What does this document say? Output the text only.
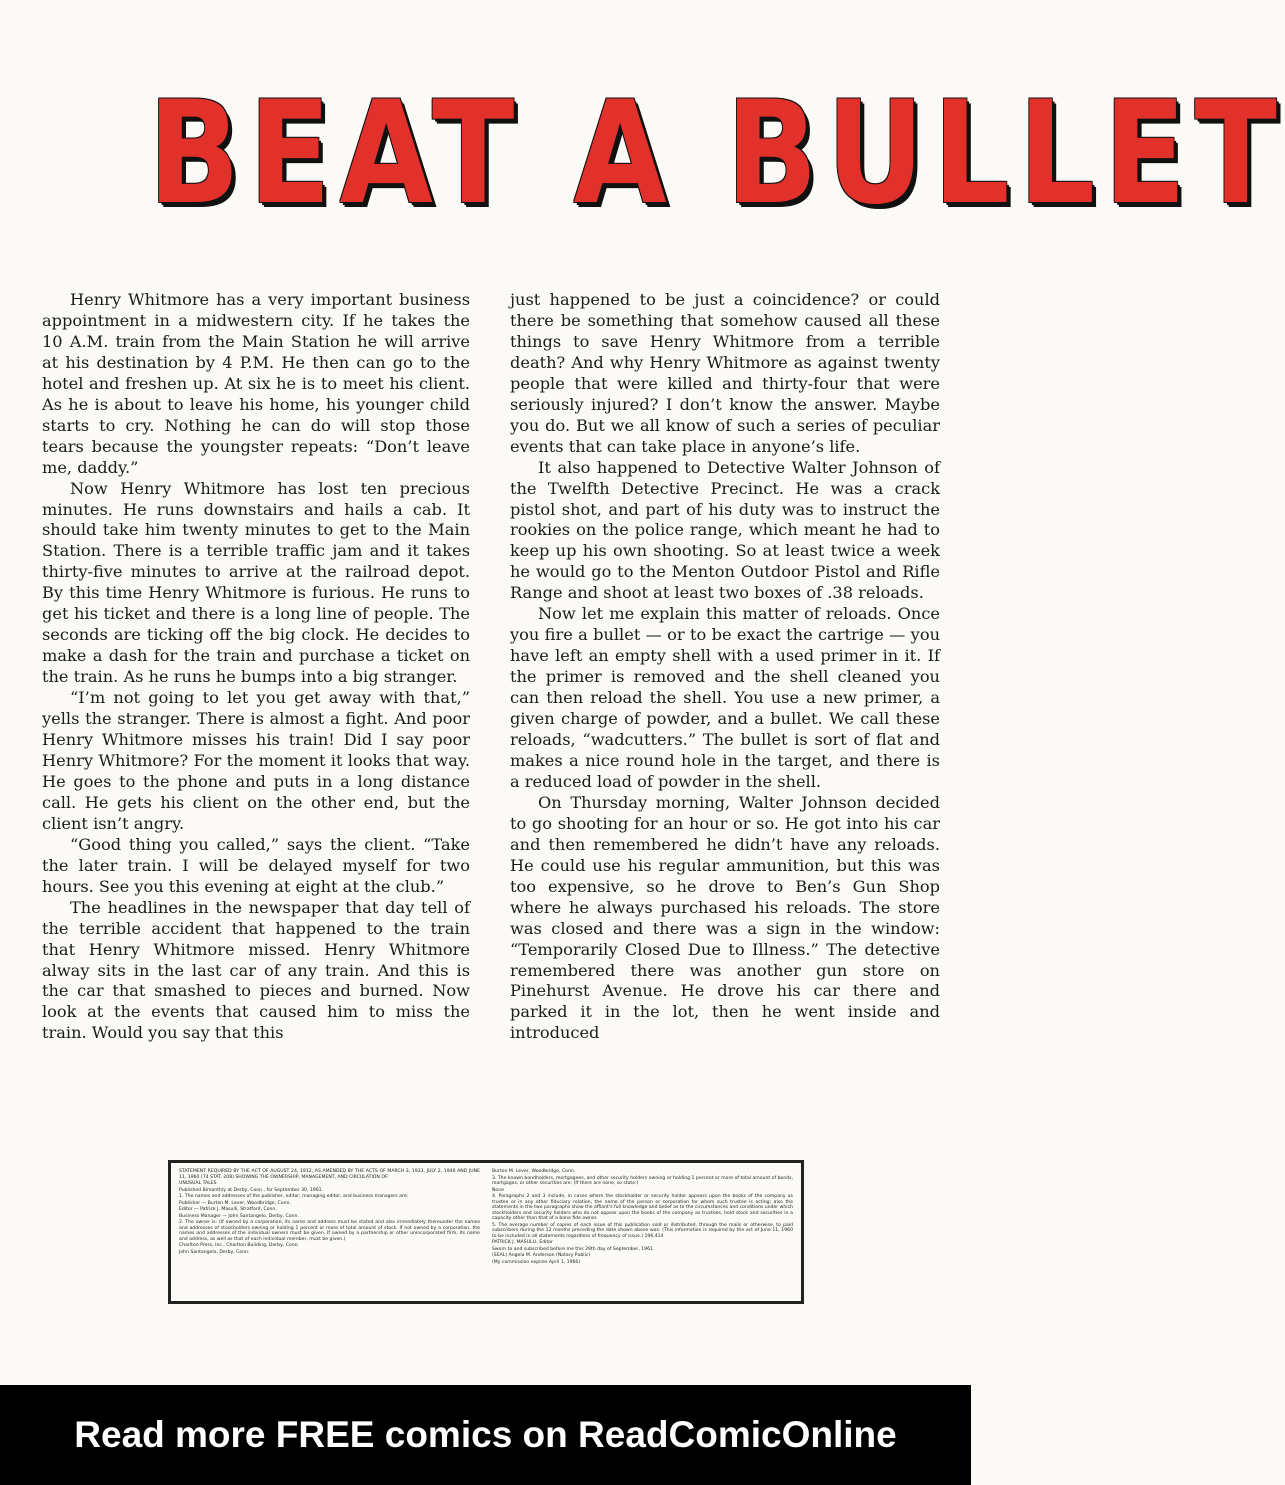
BEAT A BULLET

Henry Whitmore has a very important business appointment in a midwestern city. If he takes the 10 A.M. train from the Main Station he will arrive at his destination by 4 P.M. He then can go to the hotel and freshen up. At six he is to meet his client. As he is about to leave his home, his younger child starts to cry. Nothing he can do will stop those tears because the youngster repeats: “Don’t leave me, daddy.”

Now Henry Whitmore has lost ten precious minutes. He runs downstairs and hails a cab. It should take him twenty minutes to get to the Main Station. There is a terrible traffic jam and it takes thirty-five minutes to arrive at the railroad depot. By this time Henry Whitmore is furious. He runs to get his ticket and there is a long line of people. The seconds are ticking off the big clock. He decides to make a dash for the train and purchase a ticket on the train. As he runs he bumps into a big stranger.

“I’m not going to let you get away with that,” yells the stranger. There is almost a fight. And poor Henry Whitmore misses his train! Did I say poor Henry Whitmore? For the moment it looks that way. He goes to the phone and puts in a long distance call. He gets his client on the other end, but the client isn’t angry.

“Good thing you called,” says the client. “Take the later train. I will be delayed myself for two hours. See you this evening at eight at the club.”

The headlines in the newspaper that day tell of the terrible accident that happened to the train that Henry Whitmore missed. Henry Whitmore alway sits in the last car of any train. And this is the car that smashed to pieces and burned. Now look at the events that caused him to miss the train. Would you say that this

just happened to be just a coincidence? or could there be something that somehow caused all these things to save Henry Whitmore from a terrible death? And why Henry Whitmore as against twenty people that were killed and thirty-four that were seriously injured? I don’t know the answer. Maybe you do. But we all know of such a series of peculiar events that can take place in anyone’s life.

It also happened to Detective Walter Johnson of the Twelfth Detective Precinct. He was a crack pistol shot, and part of his duty was to instruct the rookies on the police range, which meant he had to keep up his own shooting. So at least twice a week he would go to the Menton Outdoor Pistol and Rifle Range and shoot at least two boxes of .38 reloads.

Now let me explain this matter of reloads. Once you fire a bullet — or to be exact the cartrige — you have left an empty shell with a used primer in it. If the primer is removed and the shell cleaned you can then reload the shell. You use a new primer, a given charge of powder, and a bullet. We call these reloads, “wadcutters.” The bullet is sort of flat and makes a nice round hole in the target, and there is a reduced load of powder in the shell.

On Thursday morning, Walter Johnson decided to go shooting for an hour or so. He got into his car and then remembered he didn’t have any reloads. He could use his regular ammunition, but this was too expensive, so he drove to Ben’s Gun Shop where he always purchased his reloads. The store was closed and there was a sign in the window: “Temporarily Closed Due to Illness.” The detective remembered there was another gun store on Pinehurst Avenue. He drove his car there and parked it in the lot, then he went inside and introduced

STATEMENT REQUIRED BY THE ACT OF AUGUST 24, 1912, AS AMENDED BY THE ACTS OF MARCH 3, 1933, JULY 2, 1946 AND JUNE 11, 1960 (74 STAT. 208) SHOWING THE OWNERSHIP, MANAGEMENT, AND CIRCULATION OF:

UNUSUAL TALES

Published Bimonthly at Derby, Conn., for September 30, 1961.

1. The names and addresses of the publisher, editor, managing editor, and business managers are:

Publisher — Burton M. Lever, Woodbridge, Conn.

Editor — Patrick J. Masulli, Stratford, Conn.

Business Manager — John Santangelo, Derby, Conn.

2. The owner is: (If owned by a corporation, its name and address must be stated and also immediately thereunder the names and addresses of stockholders owning or holding 1 percent or more of total amount of stock. If not owned by a corporation, the names and addresses of the individual owners must be given. If owned by a partnership or other unincorporated firm, its name and address, as well as that of each individual member, must be given.)

Charlton Press, Inc., Charlton Building, Derby, Conn.

John Santangelo, Derby, Conn.

Burton M. Lever, Woodbridge, Conn.

3. The known bondholders, mortgagees, and other security holders owning or holding 1 percent or more of total amount of bonds, mortgages, or other securities are: (If there are none, so state.)

None

4. Paragraphs 2 and 3 include, in cases where the stockholder or security holder appears upon the books of the company as trustee or in any other fiduciary relation, the name of the person or corporation for whom such trustee is acting; also the statements in the two paragraphs show the affiant's full knowledge and belief as to the circumstances and conditions under which stockholders and security holders who do not appear upon the books of the company as trustees, hold stock and securities in a capacity other than that of a bona fide owner.

5. The average number of copies of each issue of this publication sold or distributed, through the mails or otherwise, to paid subscribers during the 12 months preceding the date shown above was: (This information is required by the act of June 11, 1960 to be included in all statements regardless of frequency of issue.) 196,414

PATRICK J. MASULLI, Editor

Sworn to and subscribed before me this 29th day of September, 1961.

(SEAL) Angela M. Anderson (Notary Public)

(My commission expires April 1, 1966)

Read more FREE comics on ReadComicOnline
